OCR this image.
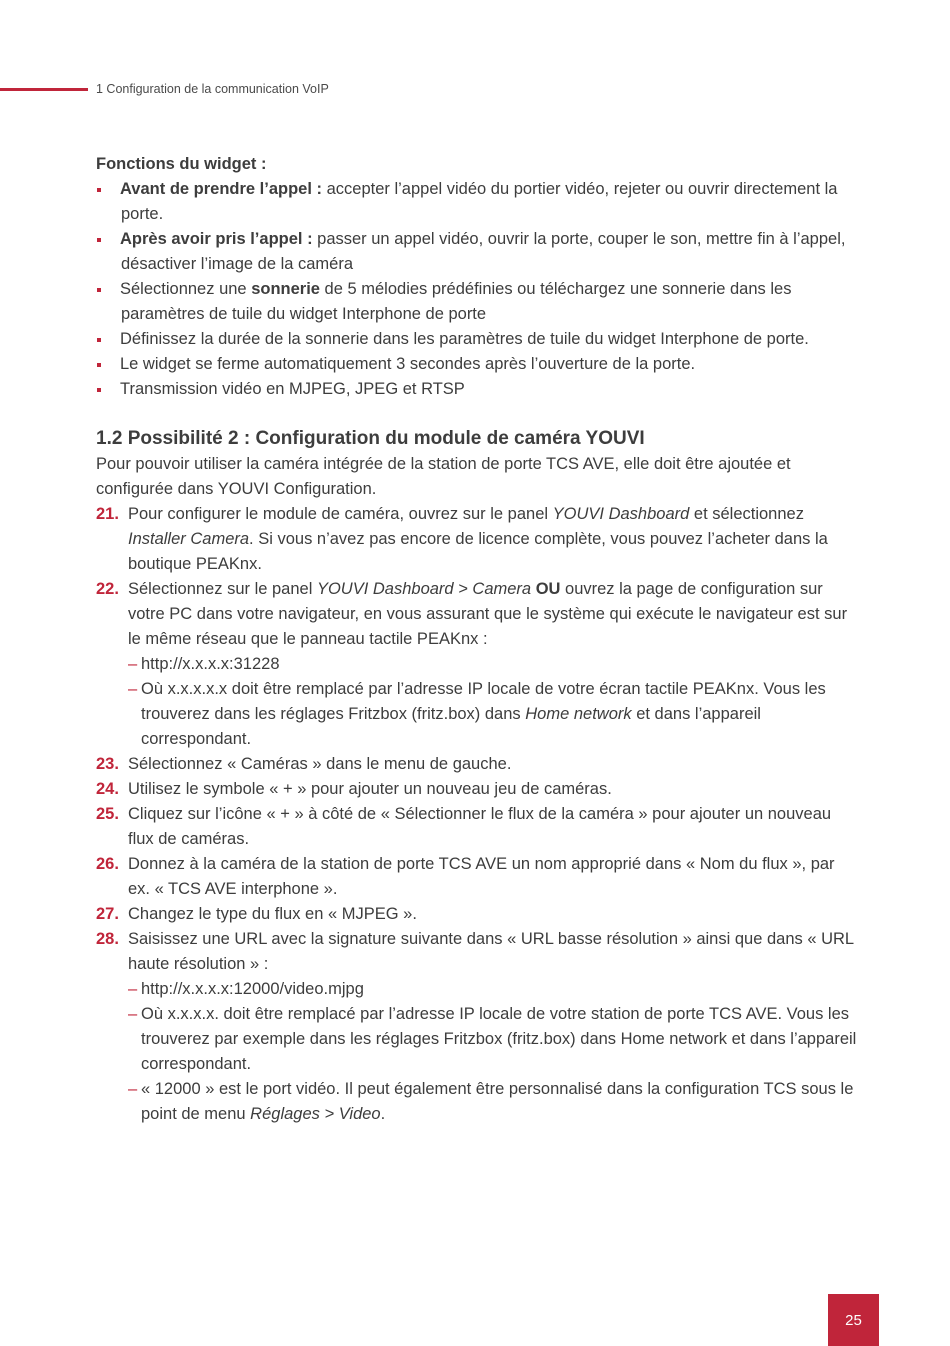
1 Configuration de la communication VoIP

Fonctions du widget :

Avant de prendre l’appel : accepter l’appel vidéo du portier vidéo, rejeter ou ouvrir directement la porte.
Après avoir pris l’appel : passer un appel vidéo, ouvrir la porte, couper le son, mettre fin à l’appel, désactiver l’image de la caméra
Sélectionnez une sonnerie de 5 mélodies prédéfinies ou téléchargez une sonnerie dans les paramètres de tuile du widget Interphone de porte
Définissez la durée de la sonnerie dans les paramètres de tuile du widget Interphone de porte.
Le widget se ferme automatiquement 3 secondes après l’ouverture de la porte.
Transmission vidéo en MJPEG, JPEG et RTSP
1.2 Possibilité 2 : Configuration du module de caméra YOUVI

Pour pouvoir utiliser la caméra intégrée de la station de porte TCS AVE, elle doit être ajoutée et configurée dans YOUVI Configuration.

21. Pour configurer le module de caméra, ouvrez sur le panel YOUVI Dashboard et sélectionnez Installer Camera. Si vous n’avez pas encore de licence complète, vous pouvez l’acheter dans la boutique PEAKnx.
22. Sélectionnez sur le panel YOUVI Dashboard > Camera OU ouvrez la page de configuration sur votre PC dans votre navigateur, en vous assurant que le système qui exécute le navigateur est sur le même réseau que le panneau tactile PEAKnx :
– http://x.x.x.x:31228
– Où x.x.x.x.x doit être remplacé par l’adresse IP locale de votre écran tactile PEAKnx. Vous les trouverez dans les réglages Fritzbox (fritz.box) dans Home network et dans l’appareil correspondant.
23. Sélectionnez « Caméras » dans le menu de gauche.
24. Utilisez le symbole « + » pour ajouter un nouveau jeu de caméras.
25. Cliquez sur l’icône « + » à côté de « Sélectionner le flux de la caméra » pour ajouter un nouveau flux de caméras.
26. Donnez à la caméra de la station de porte TCS AVE un nom approprié dans « Nom du flux », par ex. « TCS AVE interphone ».
27. Changez le type du flux en « MJPEG ».
28. Saisissez une URL avec la signature suivante dans « URL basse résolution » ainsi que dans « URL haute résolution » :
– http://x.x.x.x:12000/video.mjpg
– Où x.x.x.x. doit être remplacé par l’adresse IP locale de votre station de porte TCS AVE. Vous les trouverez par exemple dans les réglages Fritzbox (fritz.box) dans Home network et dans l’appareil correspondant.
– « 12000 » est le port vidéo. Il peut également être personnalisé dans la configuration TCS sous le point de menu Réglages > Video.
25
